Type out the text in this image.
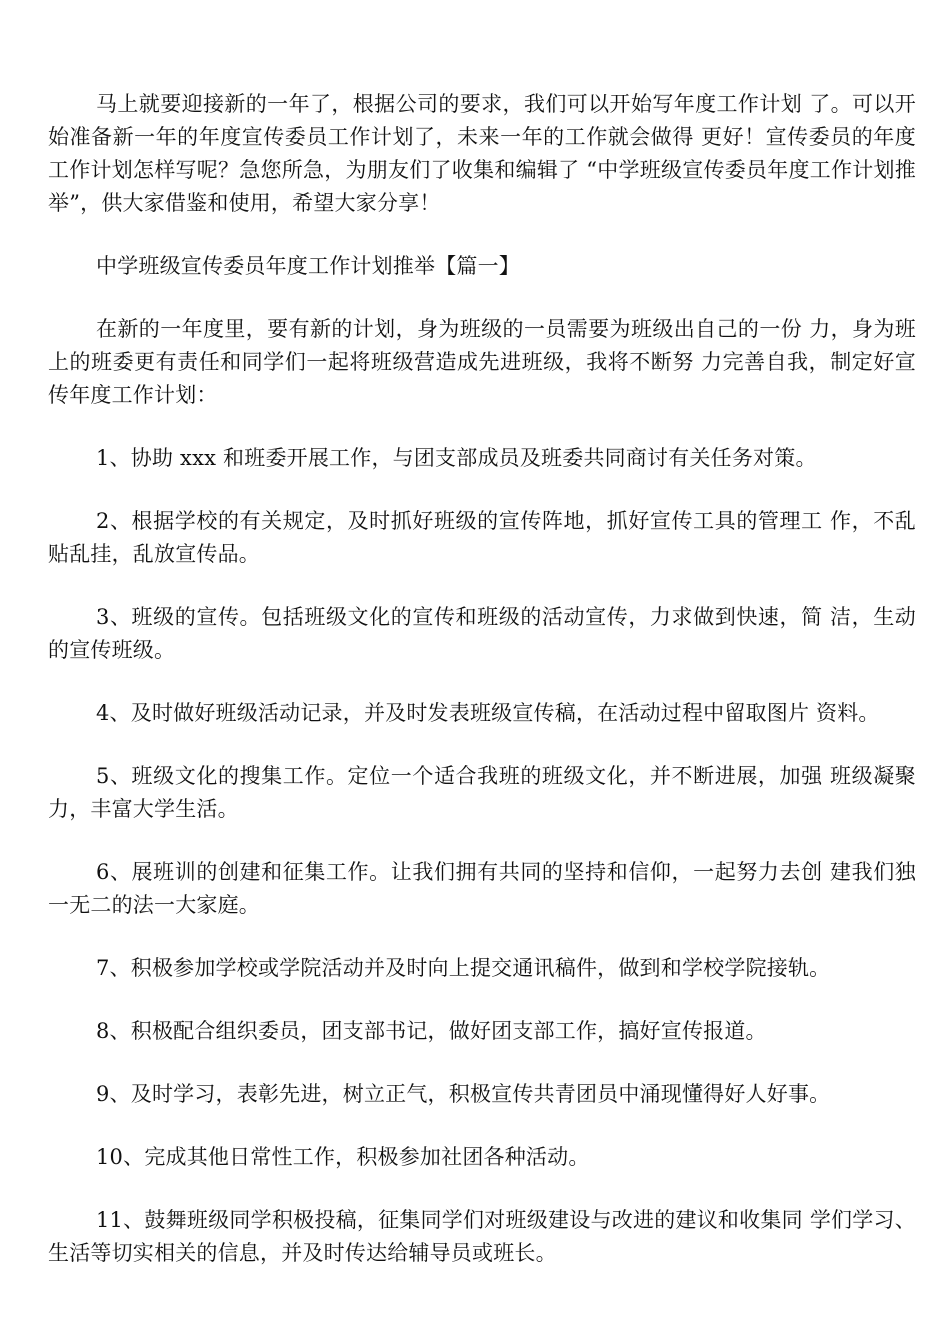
马上就要迎接新的一年了，根据公司的要求，我们可以开始写年度工作计划 了。可以开始准备新一年的年度宣传委员工作计划了，未来一年的工作就会做得 更好！宣传委员的年度工作计划怎样写呢？急您所急，为朋友们了收集和编辑了 “中学班级宣传委员年度工作计划推举”，供大家借鉴和使用，希望大家分享！

中学班级宣传委员年度工作计划推举【篇一】

在新的一年度里，要有新的计划，身为班级的一员需要为班级出自己的一份 力，身为班上的班委更有责任和同学们一起将班级营造成先进班级，我将不断努 力完善自我，制定好宣传年度工作计划：

1、协助 xxx 和班委开展工作，与团支部成员及班委共同商讨有关任务对策。

2、根据学校的有关规定，及时抓好班级的宣传阵地，抓好宣传工具的管理工 作，不乱贴乱挂，乱放宣传品。

3、班级的宣传。包括班级文化的宣传和班级的活动宣传，力求做到快速，简 洁，生动的宣传班级。

4、及时做好班级活动记录，并及时发表班级宣传稿，在活动过程中留取图片 资料。

5、班级文化的搜集工作。定位一个适合我班的班级文化，并不断进展，加强 班级凝聚力，丰富大学生活。

6、展班训的创建和征集工作。让我们拥有共同的坚持和信仰，一起努力去创 建我们独一无二的法一大家庭。

7、积极参加学校或学院活动并及时向上提交通讯稿件，做到和学校学院接轨。

8、积极配合组织委员，团支部书记，做好团支部工作，搞好宣传报道。

9、及时学习，表彰先进，树立正气，积极宣传共青团员中涌现懂得好人好事。

10、完成其他日常性工作，积极参加社团各种活动。

11、鼓舞班级同学积极投稿，征集同学们对班级建设与改进的建议和收集同 学们学习、生活等切实相关的信息，并及时传达给辅导员或班长。
